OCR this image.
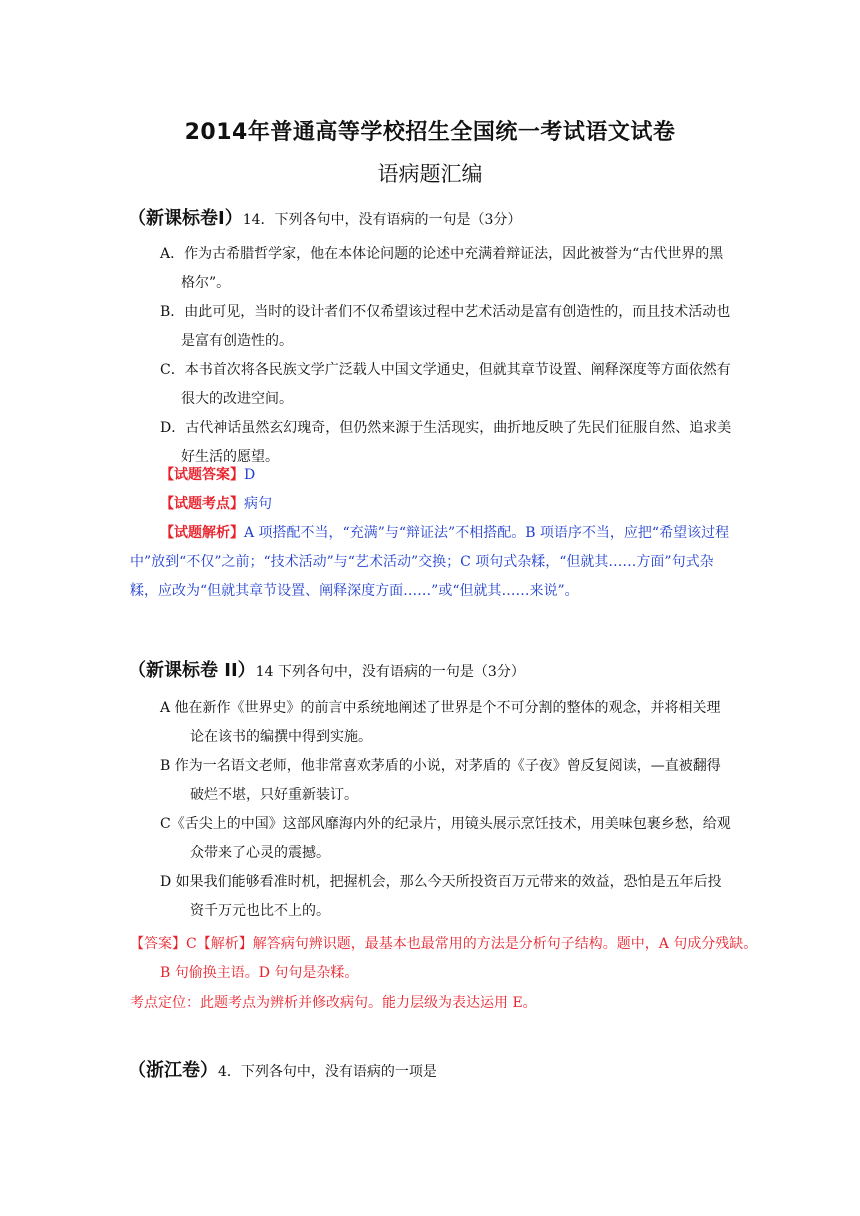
2014年普通高等学校招生全国统一考试语文试卷
语病题汇编
（新课标卷Ⅰ）14．下列各句中，没有语病的一句是（3分）
A．作为古希腊哲学家，他在本体论问题的论述中充满着辩证法，因此被誉为“古代世界的黑格尔”。
B．由此可见，当时的设计者们不仅希望该过程中艺术活动是富有创造性的，而且技术活动也是富有创造性的。
C．本书首次将各民族文学广泛载人中国文学通史，但就其章节设置、阐释深度等方面依然有很大的改进空间。
D．古代神话虽然玄幻瑰奇，但仍然来源于生活现实，曲折地反映了先民们征服自然、追求美好生活的愿望。
【试题答案】D
【试题考点】病句
【试题解析】A 项搭配不当，“充满”与“辩证法”不相搭配。B 项语序不当，应把“希望该过程中”放到“不仅”之前；“技术活动”与“艺术活动”交换；C 项句式杂糅，“但就其……方面”句式杂糅，应改为“但就其章节设置、阐释深度方面……”或“但就其……来说”。
（新课标卷 II）14 下列各句中，没有语病的一句是（3分）
A 他在新作《世界史》的前言中系统地阐述了世界是个不可分割的整体的观念，并将相关理论在该书的编撰中得到实施。
B 作为一名语文老师，他非常喜欢茅盾的小说，对茅盾的《子夜》曾反复阅读，—直被翻得破烂不堪，只好重新装订。
C《舌尖上的中国》这部风靡海内外的纪录片，用镜头展示烹饪技术，用美味包裹乡愁，给观众带来了心灵的震撼。
D 如果我们能够看准时机，把握机会，那么今天所投资百万元带来的效益，恐怕是五年后投资千万元也比不上的。
【答案】C【解析】解答病句辨识题，最基本也最常用的方法是分析句子结构。题中，A 句成分残缺。B 句偷换主语。D 句句是杂糅。
考点定位：此题考点为辨析并修改病句。能力层级为表达运用 E。
（浙江卷）4．下列各句中，没有语病的一项是
